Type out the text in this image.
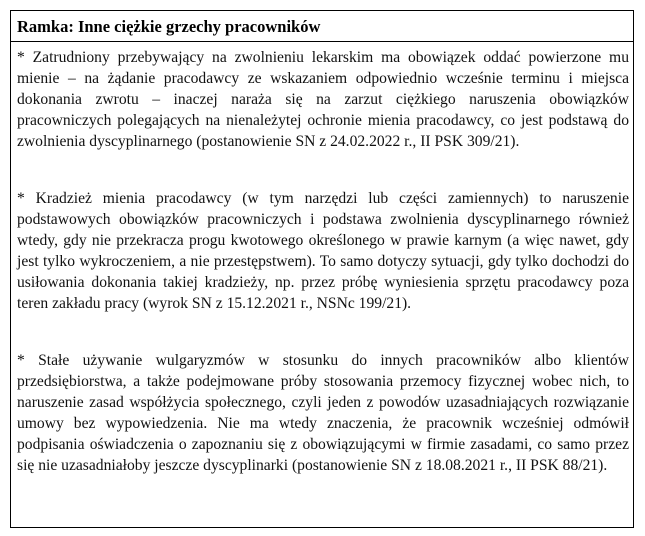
Ramka: Inne ciężkie grzechy pracowników

* Zatrudniony przebywający na zwolnieniu lekarskim ma obowiązek oddać powierzone mu mienie – na żądanie pracodawcy ze wskazaniem odpowiednio wcześnie terminu i miejsca dokonania zwrotu – inaczej naraża się na zarzut ciężkiego naruszenia obowiązków pracowniczych polegających na nienależytej ochronie mienia pracodawcy, co jest podstawą do zwolnienia dyscyplinarnego (postanowienie SN z 24.02.2022 r., II PSK 309/21).

* Kradzież mienia pracodawcy (w tym narzędzi lub części zamiennych) to naruszenie podstawowych obowiązków pracowniczych i podstawa zwolnienia dyscyplinarnego również wtedy, gdy nie przekracza progu kwotowego określonego w prawie karnym (a więc nawet, gdy jest tylko wykroczeniem, a nie przestępstwem). To samo dotyczy sytuacji, gdy tylko dochodzi do usiłowania dokonania takiej kradzieży, np. przez próbę wyniesienia sprzętu pracodawcy poza teren zakładu pracy (wyrok SN z 15.12.2021 r., NSNc 199/21).

* Stałe używanie wulgaryzmów w stosunku do innych pracowników albo klientów przedsiębiorstwa, a także podejmowane próby stosowania przemocy fizycznej wobec nich, to naruszenie zasad współżycia społecznego, czyli jeden z powodów uzasadniających rozwiązanie umowy bez wypowiedzenia. Nie ma wtedy znaczenia, że pracownik wcześniej odmówił podpisania oświadczenia o zapoznaniu się z obowiązującymi w firmie zasadami, co samo przez się nie uzasadniałoby jeszcze dyscyplinarki (postanowienie SN z 18.08.2021 r., II PSK 88/21).
